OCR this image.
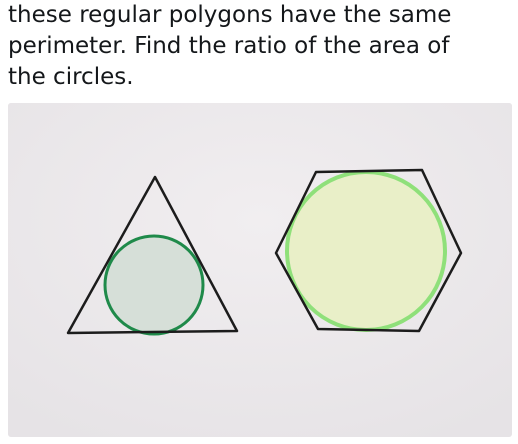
these regular polygons have the same
perimeter. Find the ratio of the area of
the circles.
